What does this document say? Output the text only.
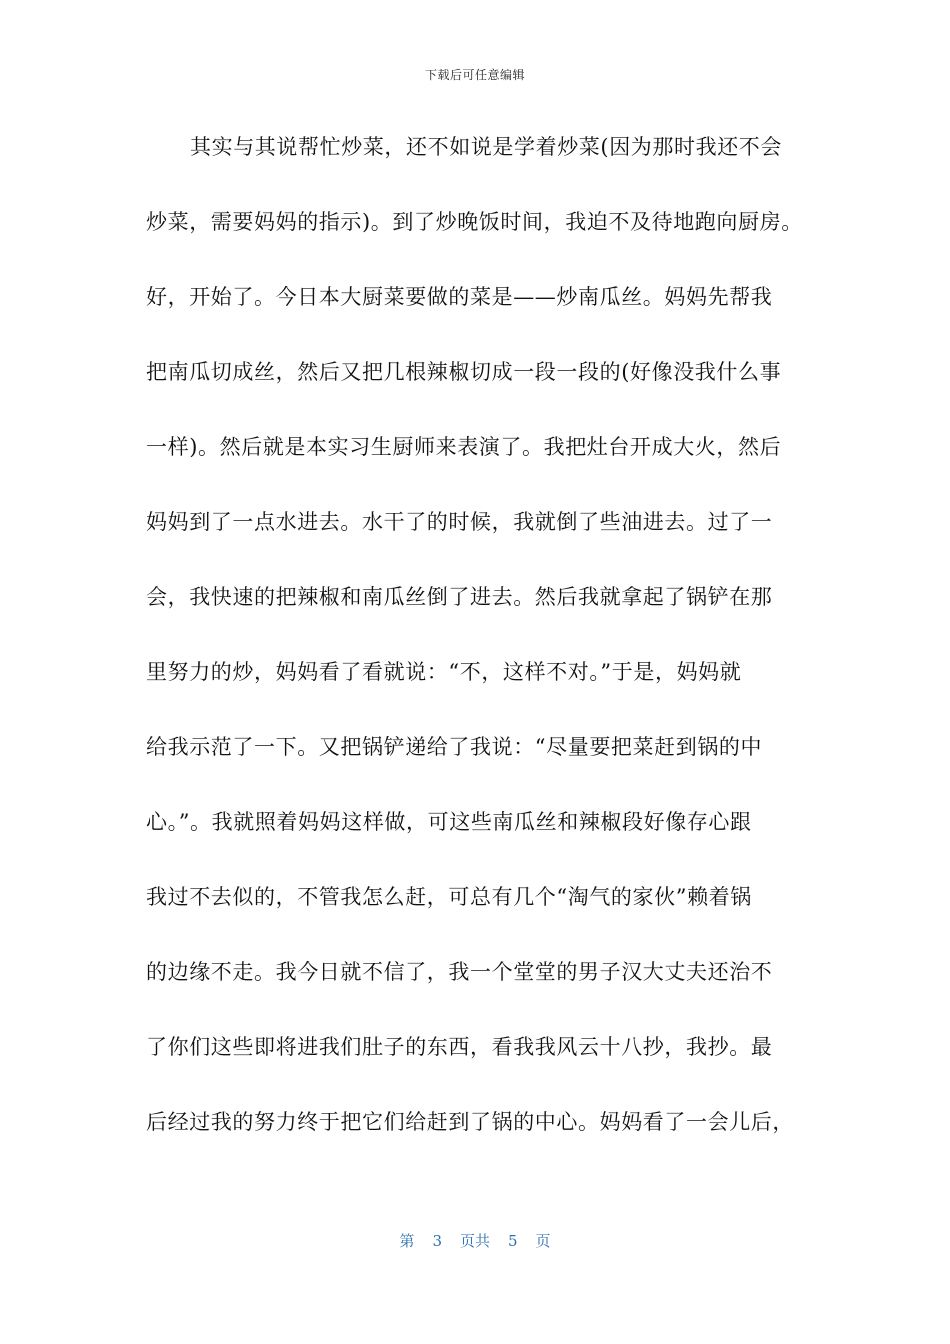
下载后可任意编辑
其实与其说帮忙炒菜，还不如说是学着炒菜(因为那时我还不会
炒菜，需要妈妈的指示)。到了炒晚饭时间，我迫不及待地跑向厨房。
好，开始了。今日本大厨菜要做的菜是——炒南瓜丝。妈妈先帮我
把南瓜切成丝，然后又把几根辣椒切成一段一段的(好像没我什么事
一样)。然后就是本实习生厨师来表演了。我把灶台开成大火，然后
妈妈到了一点水进去。水干了的时候，我就倒了些油进去。过了一
会，我快速的把辣椒和南瓜丝倒了进去。然后我就拿起了锅铲在那
里努力的炒，妈妈看了看就说：“不，这样不对。”于是，妈妈就
给我示范了一下。又把锅铲递给了我说：“尽量要把菜赶到锅的中
心。”。我就照着妈妈这样做，可这些南瓜丝和辣椒段好像存心跟
我过不去似的，不管我怎么赶，可总有几个“淘气的家伙”赖着锅
的边缘不走。我今日就不信了，我一个堂堂的男子汉大丈夫还治不
了你们这些即将进我们肚子的东西，看我我风云十八抄，我抄。最
后经过我的努力终于把它们给赶到了锅的中心。妈妈看了一会儿后，
第 3 页共 5 页
